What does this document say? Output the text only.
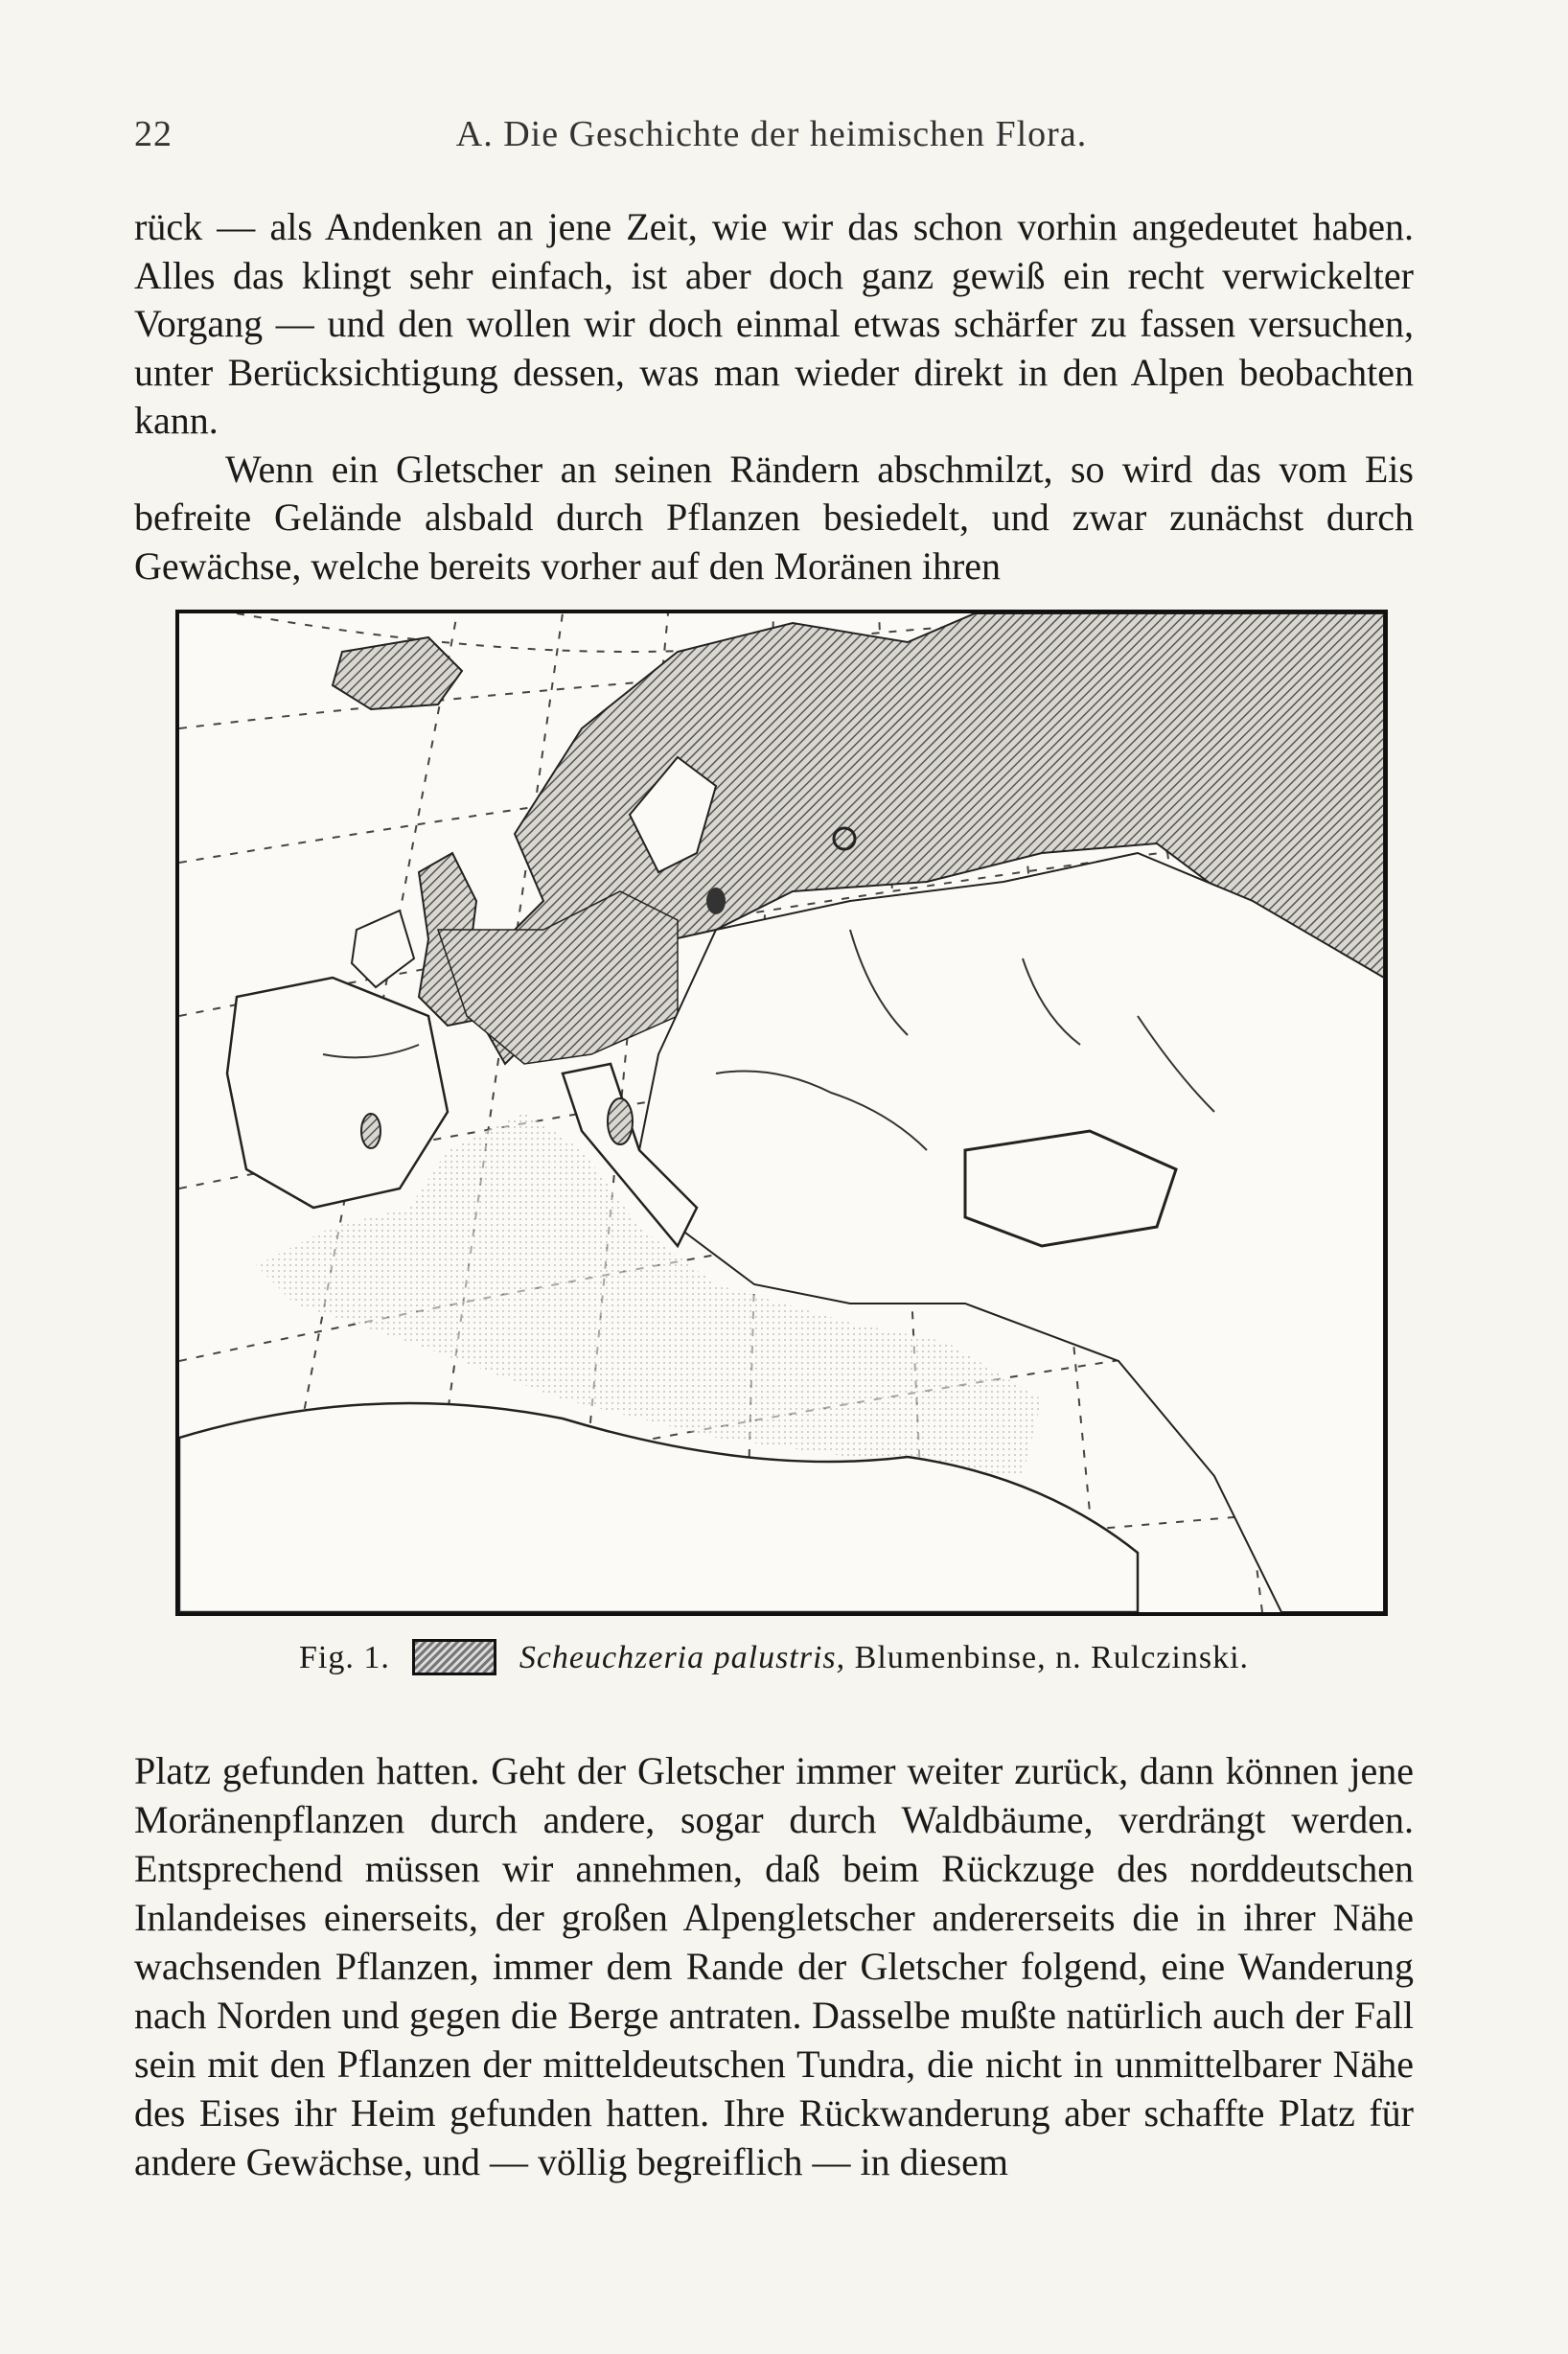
22	A. Die Geschichte der heimischen Flora.

rück — als Andenken an jene Zeit, wie wir das schon vorhin angedeutet haben. Alles das klingt sehr einfach, ist aber doch ganz gewiß ein recht verwickelter Vorgang — und den wollen wir doch einmal etwas schärfer zu fassen versuchen, unter Berücksichtigung dessen, was man wieder direkt in den Alpen beobachten kann.

Wenn ein Gletscher an seinen Rändern abschmilzt, so wird das vom Eis befreite Gelände alsbald durch Pflanzen besiedelt, und zwar zunächst durch Gewächse, welche bereits vorher auf den Moränen ihren

Fig. 1.	Scheuchzeria palustris, Blumenbinse, n. Rulczinski.

Platz gefunden hatten. Geht der Gletscher immer weiter zurück, dann können jene Moränenpflanzen durch andere, sogar durch Waldbäume, verdrängt werden. Entsprechend müssen wir annehmen, daß beim Rückzuge des norddeutschen Inlandeises einerseits, der großen Alpengletscher andererseits die in ihrer Nähe wachsenden Pflanzen, immer dem Rande der Gletscher folgend, eine Wanderung nach Norden und gegen die Berge antraten. Dasselbe mußte natürlich auch der Fall sein mit den Pflanzen der mitteldeutschen Tundra, die nicht in unmittelbarer Nähe des Eises ihr Heim gefunden hatten. Ihre Rückwanderung aber schaffte Platz für andere Gewächse, und — völlig begreiflich — in diesem
